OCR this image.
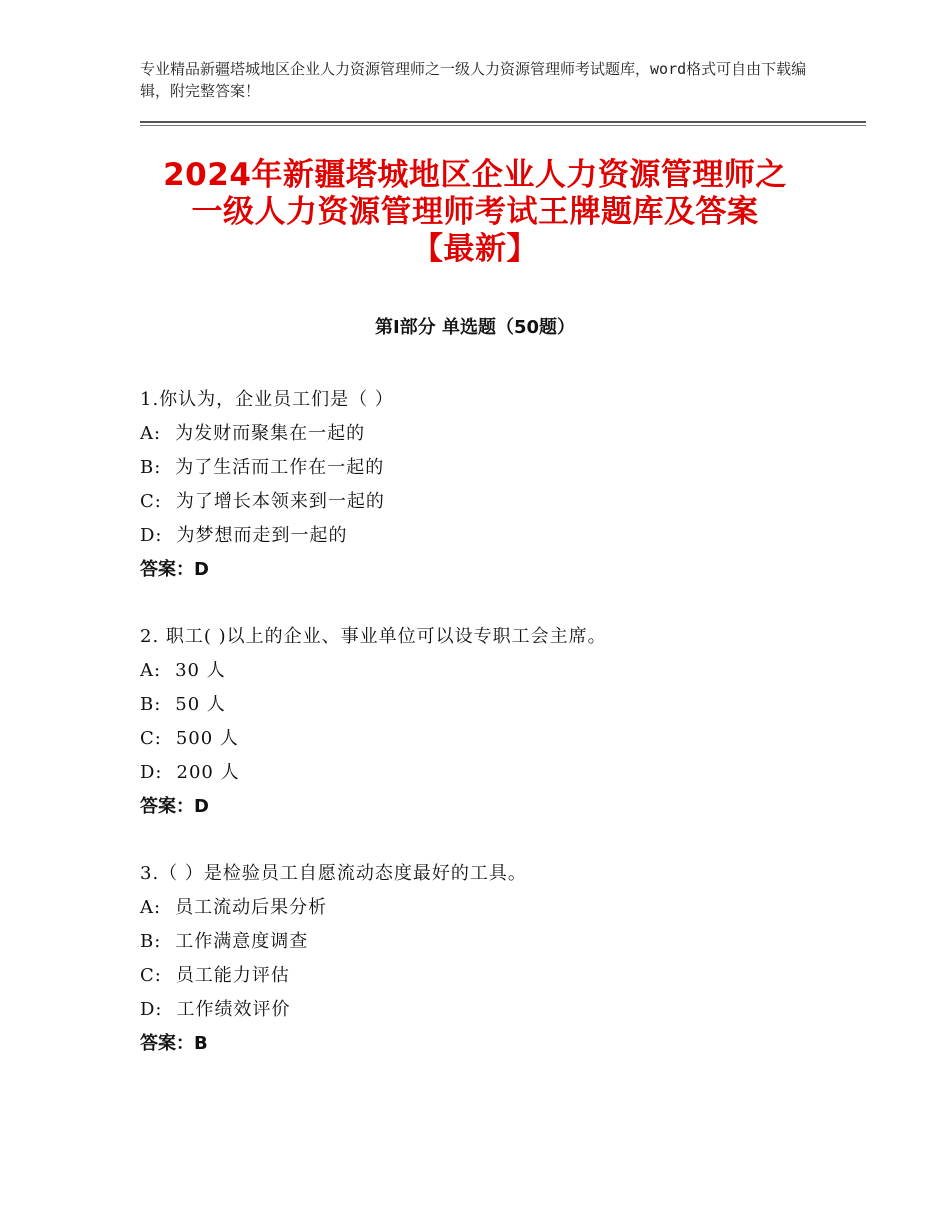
专业精品新疆塔城地区企业人力资源管理师之一级人力资源管理师考试题库，word格式可自由下载编辑，附完整答案！
2024年新疆塔城地区企业人力资源管理师之
一级人力资源管理师考试王牌题库及答案
【最新】
第Ⅰ部分 单选题（50题）
1.你认为，企业员工们是（ ）
A: 为发财而聚集在一起的
B: 为了生活而工作在一起的
C: 为了增长本领来到一起的
D: 为梦想而走到一起的
答案：D
2. 职工( )以上的企业、事业单位可以设专职工会主席。
A: 30 人
B: 50 人
C: 500 人
D: 200 人
答案：D
3.（ ）是检验员工自愿流动态度最好的工具。
A: 员工流动后果分析
B: 工作满意度调查
C: 员工能力评估
D: 工作绩效评价
答案：B
